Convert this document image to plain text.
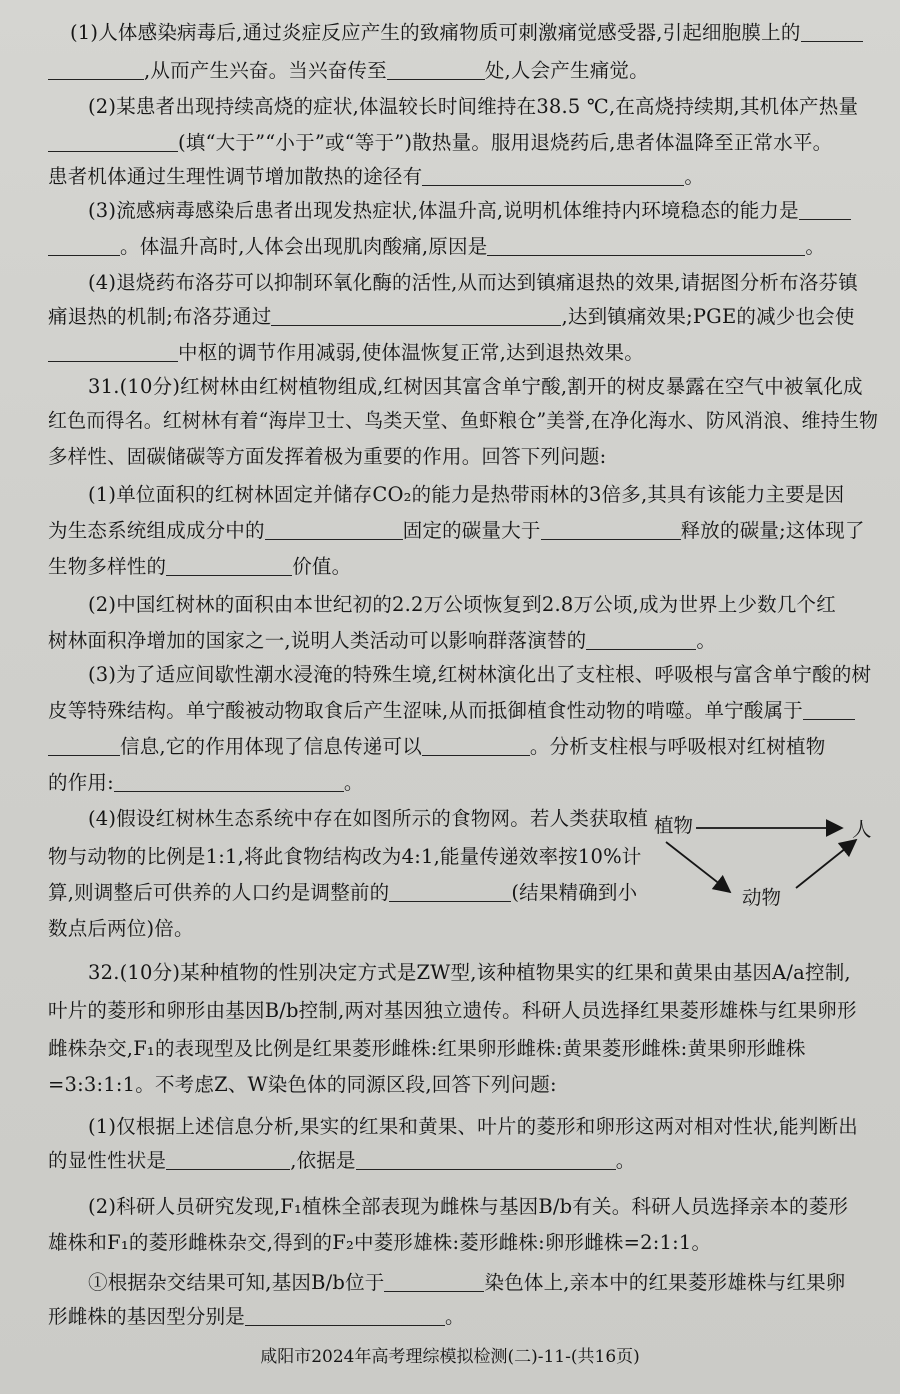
(1)人体感染病毒后,通过炎症反应产生的致痛物质可刺激痛觉感受器,引起细胞膜上的
,从而产生兴奋。当兴奋传至	处,人会产生痛觉。
(2)某患者出现持续高烧的症状,体温较长时间维持在38.5 ℃,在高烧持续期,其机体产热量
(填“大于”“小于”或“等于”)散热量。服用退烧药后,患者体温降至正常水平。
患者机体通过生理性调节增加散热的途径有	。
(3)流感病毒感染后患者出现发热症状,体温升高,说明机体维持内环境稳态的能力是
。体温升高时,人体会出现肌肉酸痛,原因是	。
(4)退烧药布洛芬可以抑制环氧化酶的活性,从而达到镇痛退热的效果,请据图分析布洛芬镇
痛退热的机制;布洛芬通过	,达到镇痛效果;PGE的减少也会使
中枢的调节作用减弱,使体温恢复正常,达到退热效果。
31.(10分)红树林由红树植物组成,红树因其富含单宁酸,割开的树皮暴露在空气中被氧化成
红色而得名。红树林有着“海岸卫士、鸟类天堂、鱼虾粮仓”美誉,在净化海水、防风消浪、维持生物
多样性、固碳储碳等方面发挥着极为重要的作用。回答下列问题:
(1)单位面积的红树林固定并储存CO₂的能力是热带雨林的3倍多,其具有该能力主要是因
为生态系统组成成分中的	固定的碳量大于	释放的碳量;这体现了
生物多样性的	价值。
(2)中国红树林的面积由本世纪初的2.2万公顷恢复到2.8万公顷,成为世界上少数几个红
树林面积净增加的国家之一,说明人类活动可以影响群落演替的	。
(3)为了适应间歇性潮水浸淹的特殊生境,红树林演化出了支柱根、呼吸根与富含单宁酸的树
皮等特殊结构。单宁酸被动物取食后产生涩味,从而抵御植食性动物的啃噬。单宁酸属于
信息,它的作用体现了信息传递可以	。分析支柱根与呼吸根对红树植物
的作用:	。
(4)假设红树林生态系统中存在如图所示的食物网。若人类获取植
物与动物的比例是1:1,将此食物结构改为4:1,能量传递效率按10%计
算,则调整后可供养的人口约是调整前的	(结果精确到小
数点后两位)倍。
植物	人
动物
32.(10分)某种植物的性别决定方式是ZW型,该种植物果实的红果和黄果由基因A/a控制,
叶片的菱形和卵形由基因B/b控制,两对基因独立遗传。科研人员选择红果菱形雄株与红果卵形
雌株杂交,F₁的表现型及比例是红果菱形雌株:红果卵形雌株:黄果菱形雌株:黄果卵形雌株
=3:3:1:1。不考虑Z、W染色体的同源区段,回答下列问题:
(1)仅根据上述信息分析,果实的红果和黄果、叶片的菱形和卵形这两对相对性状,能判断出
的显性性状是	,依据是	。
(2)科研人员研究发现,F₁植株全部表现为雌株与基因B/b有关。科研人员选择亲本的菱形
雄株和F₁的菱形雌株杂交,得到的F₂中菱形雄株:菱形雌株:卵形雌株=2:1:1。
①根据杂交结果可知,基因B/b位于	染色体上,亲本中的红果菱形雄株与红果卵
形雌株的基因型分别是	。
咸阳市2024年高考理综模拟检测(二)-11-(共16页)
